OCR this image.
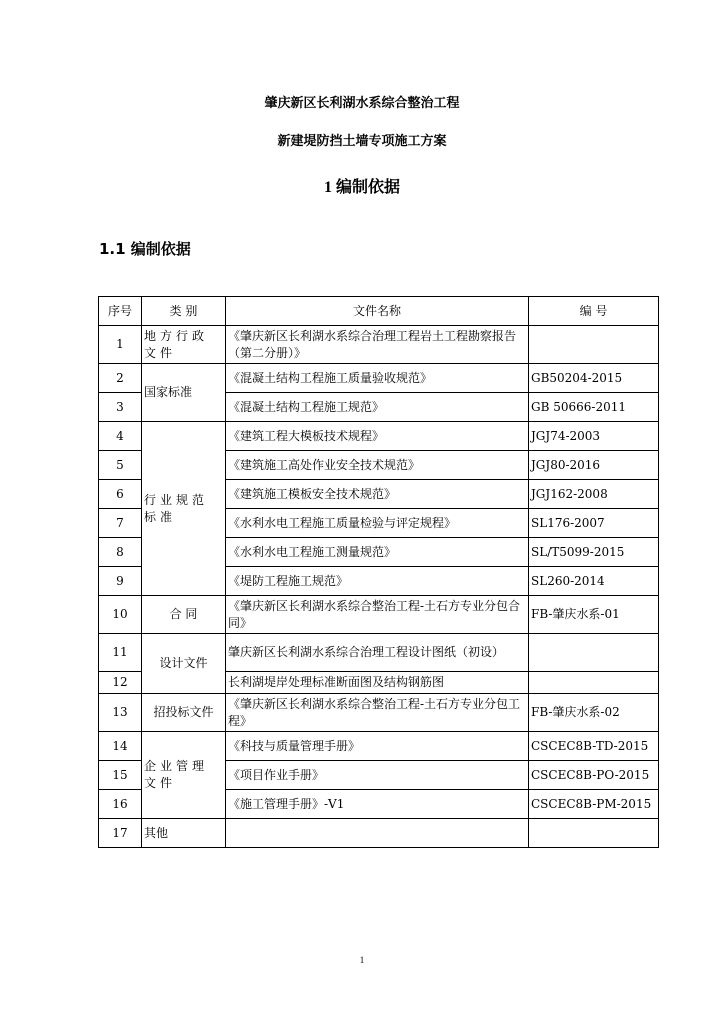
肇庆新区长利湖水系综合整治工程
新建堤防挡土墙专项施工方案
1 编制依据
1.1 编制依据
序号	类 别	文件名称	编 号
1	地方行政文件	《肇庆新区长利湖水系综合治理工程岩土工程勘察报告（第二分册）》	
2	国家标准	《混凝土结构工程施工质量验收规范》	GB50204-2015
3		《混凝土结构工程施工规范》	GB 50666-2011
4	行业规范标准	《建筑工程大模板技术规程》	JGJ74-2003
5		《建筑施工高处作业安全技术规范》	JGJ80-2016
6		《建筑施工模板安全技术规范》	JGJ162-2008
7		《水利水电工程施工质量检验与评定规程》	SL176-2007
8		《水利水电工程施工测量规范》	SL/T5099-2015
9		《堤防工程施工规范》	SL260-2014
10	合 同	《肇庆新区长利湖水系综合整治工程-土石方专业分包合同》	FB-肇庆水系-01
11	设计文件	肇庆新区长利湖水系综合治理工程设计图纸（初设）	
12		长利湖堤岸处理标准断面图及结构钢筋图	
13	招投标文件	《肇庆新区长利湖水系综合整治工程-土石方专业分包工程》	FB-肇庆水系-02
14	企业管理文件	《科技与质量管理手册》	CSCEC8B-TD-2015
15		《项目作业手册》	CSCEC8B-PO-2015
16		《施工管理手册》-V1	CSCEC8B-PM-2015
17	其他		
1
